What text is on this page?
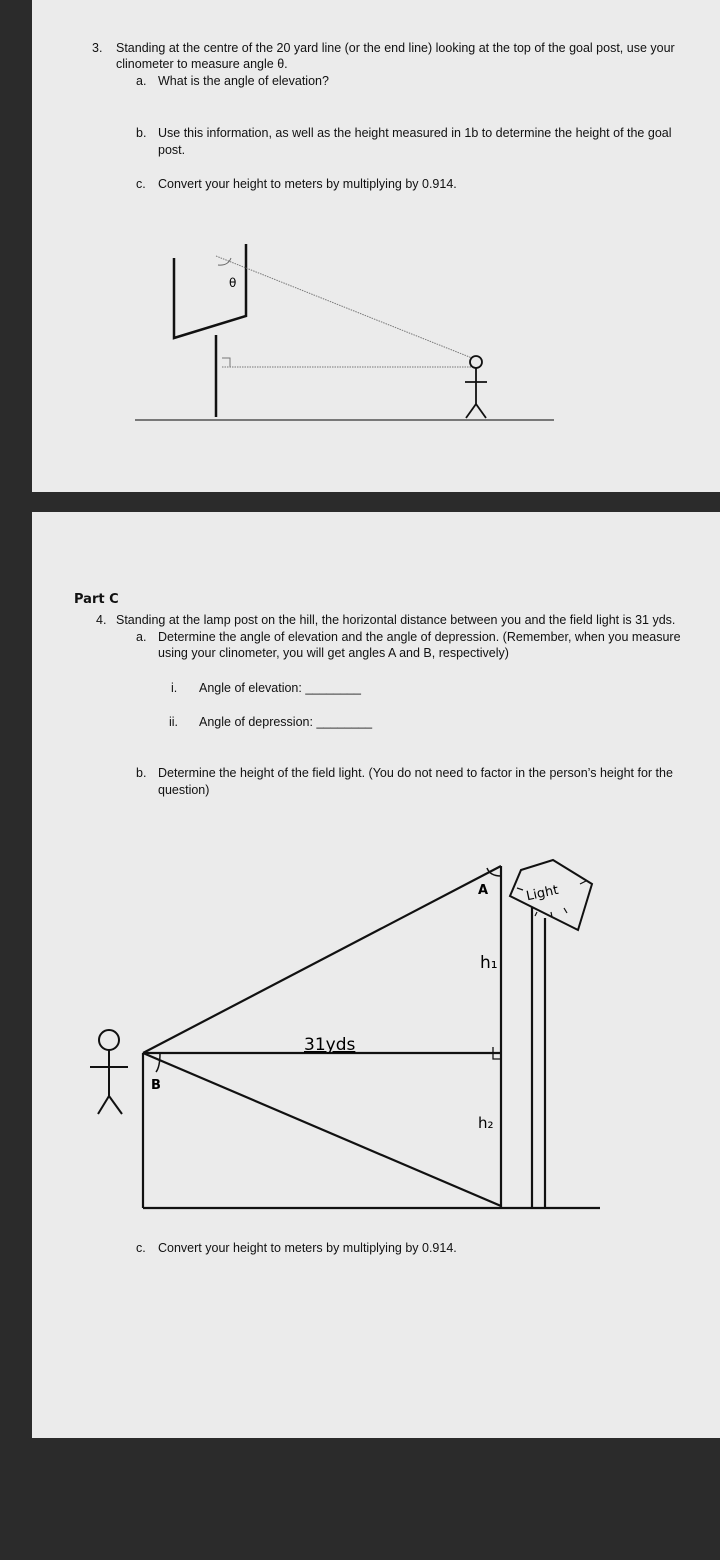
3. Standing at the centre of the 20 yard line (or the end line) looking at the top of the goal post, use your
clinometer to measure angle θ.
a. What is the angle of elevation?
b. Use this information, as well as the height measured in 1b to determine the height of the goal
post.
c. Convert your height to meters by multiplying by 0.914.
θ
Part C
4. Standing at the lamp post on the hill, the horizontal distance between you and the field light is 31 yds.
a. Determine the angle of elevation and the angle of depression. (Remember, when you measure
using your clinometer, you will get angles A and B, respectively)
i. Angle of elevation: ________
ii. Angle of depression: ________
b. Determine the height of the field light. (You do not need to factor in the person’s height for the
question)
c. Convert your height to meters by multiplying by 0.914.
Light
A
B
31yds
h₁
h₂
